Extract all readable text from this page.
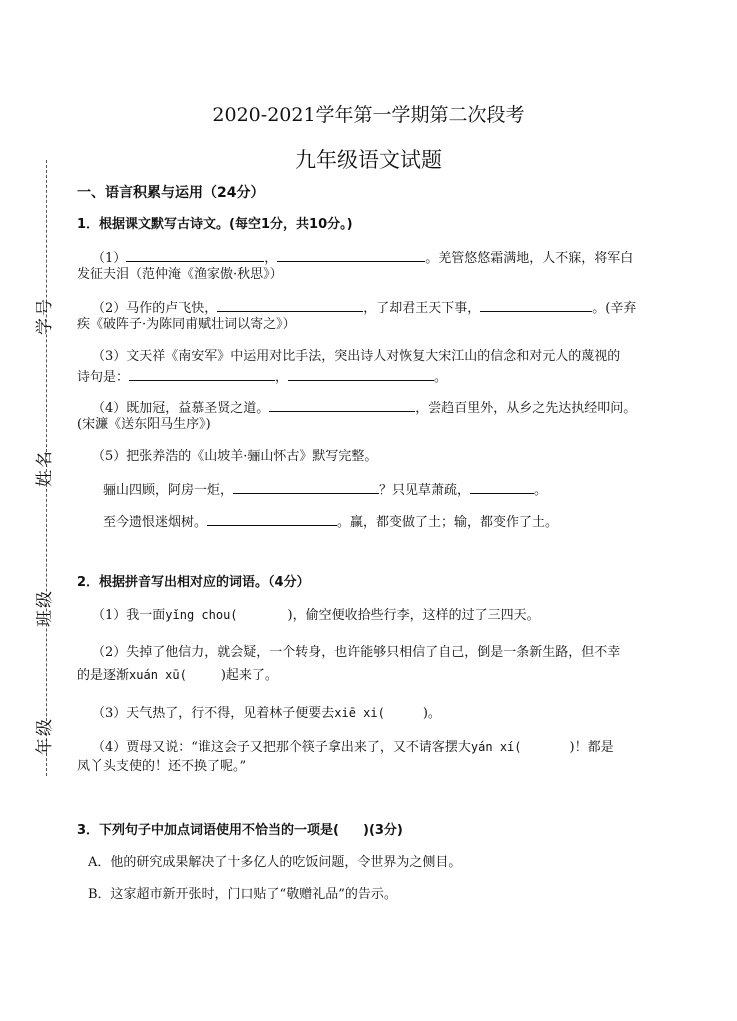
学号
姓名
班级
年级
2020-2021学年第一学期第二次段考
九年级语文试题
一、语言积累与运用（24分）
1．根据课文默写古诗文。(每空1分，共10分。)
（1）	，	。羌管悠悠霜满地，人不寐，将军白
发征夫泪（范仲淹《渔家傲·秋思》）
（2）马作的卢飞快，	，了却君王天下事，	。(辛弃
疾《破阵子·为陈同甫赋壮词以寄之》）
（3）文天祥《南安军》中运用对比手法，突出诗人对恢复大宋江山的信念和对元人的蔑视的
诗句是：	，	。
（4）既加冠，益慕圣贤之道。	，尝趋百里外，从乡之先达执经叩问。
(宋濂《送东阳马生序》)
（5）把张养浩的《山坡羊·骊山怀古》默写完整。
骊山四顾，阿房一炬，	？只见草萧疏，	。
至今遗恨迷烟树。	。赢，都变做了土；输，都变作了土。
2．根据拼音写出相对应的词语。（4分）
（1）我一面yǐng chou(	)，偷空便收拾些行李，这样的过了三四天。
（2）失掉了他信力，就会疑，一个转身，也许能够只相信了自己，倒是一条新生路，但不幸
的是逐渐xuán xū(	)起来了。
（3）天气热了，行不得，见着林子便要去xiē xi(	)。
（4）贾母又说：“谁这会子又把那个筷子拿出来了，又不请客摆大yán xí(	)！都是
凤丫头支使的！还不换了呢。”
3．下列句子中加点词语使用不恰当的一项是( )(3分)
A．他的研究成果解决了十多亿人的吃饭问题，令世界为之侧目。
B．这家超市新开张时，门口贴了“敬赠礼品”的告示。
